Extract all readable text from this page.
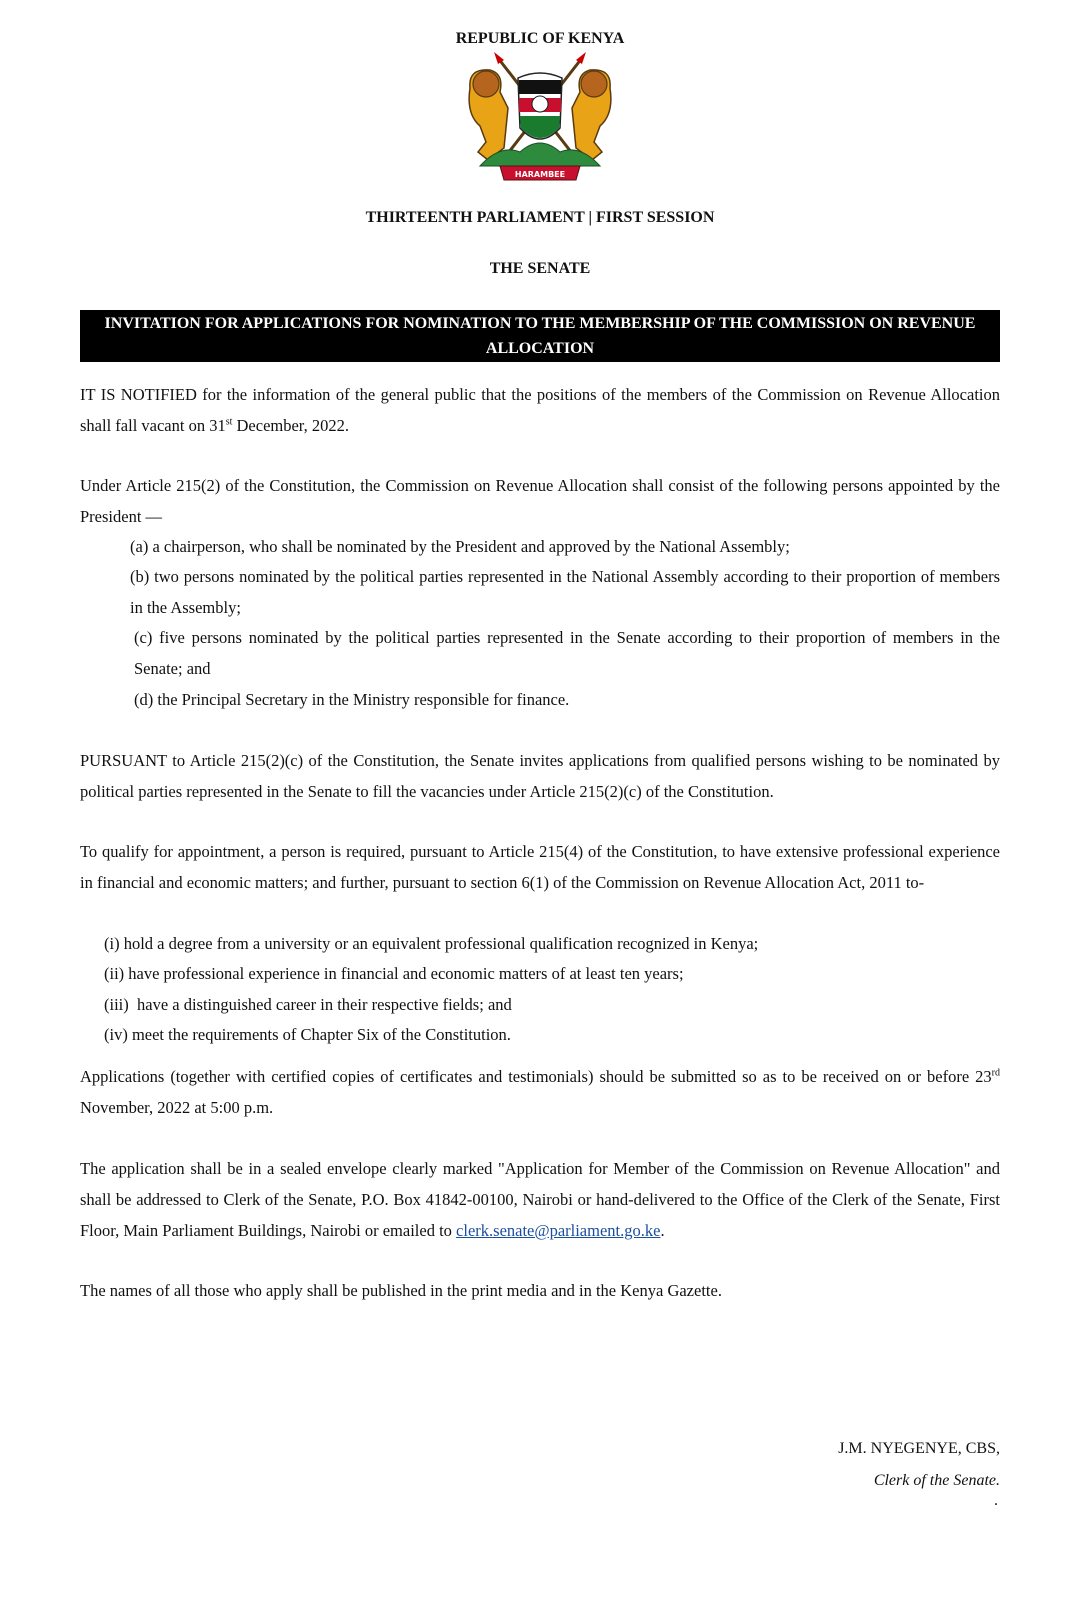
REPUBLIC OF KENYA
HARAMBEE
THIRTEENTH PARLIAMENT | FIRST SESSION
THE SENATE
INVITATION FOR APPLICATIONS FOR NOMINATION TO THE MEMBERSHIP OF THE COMMISSION ON REVENUE ALLOCATION
IT IS NOTIFIED for the information of the general public that the positions of the members of the Commission on Revenue Allocation shall fall vacant on 31st December, 2022.
Under Article 215(2) of the Constitution, the Commission on Revenue Allocation shall consist of the following persons appointed by the President —
(a) a chairperson, who shall be nominated by the President and approved by the National Assembly;
(b) two persons nominated by the political parties represented in the National Assembly according to their proportion of members in the Assembly;
(c) five persons nominated by the political parties represented in the Senate according to their proportion of members in the Senate; and
(d) the Principal Secretary in the Ministry responsible for finance.
PURSUANT to Article 215(2)(c) of the Constitution, the Senate invites applications from qualified persons wishing to be nominated by political parties represented in the Senate to fill the vacancies under Article 215(2)(c) of the Constitution.
To qualify for appointment, a person is required, pursuant to Article 215(4) of the Constitution, to have extensive professional experience in financial and economic matters; and further, pursuant to section 6(1) of the Commission on Revenue Allocation Act, 2011 to-
(i) hold a degree from a university or an equivalent professional qualification recognized in Kenya;
(ii) have professional experience in financial and economic matters of at least ten years;
(iii)  have a distinguished career in their respective fields; and
(iv) meet the requirements of Chapter Six of the Constitution.
Applications (together with certified copies of certificates and testimonials) should be submitted so as to be received on or before 23rd November, 2022 at 5:00 p.m.
The application shall be in a sealed envelope clearly marked "Application for Member of the Commission on Revenue Allocation" and shall be addressed to Clerk of the Senate, P.O. Box 41842-00100, Nairobi or hand-delivered to the Office of the Clerk of the Senate, First Floor, Main Parliament Buildings, Nairobi or emailed to clerk.senate@parliament.go.ke.
The names of all those who apply shall be published in the print media and in the Kenya Gazette.
J.M. NYEGENYE, CBS,
Clerk of the Senate.
.
